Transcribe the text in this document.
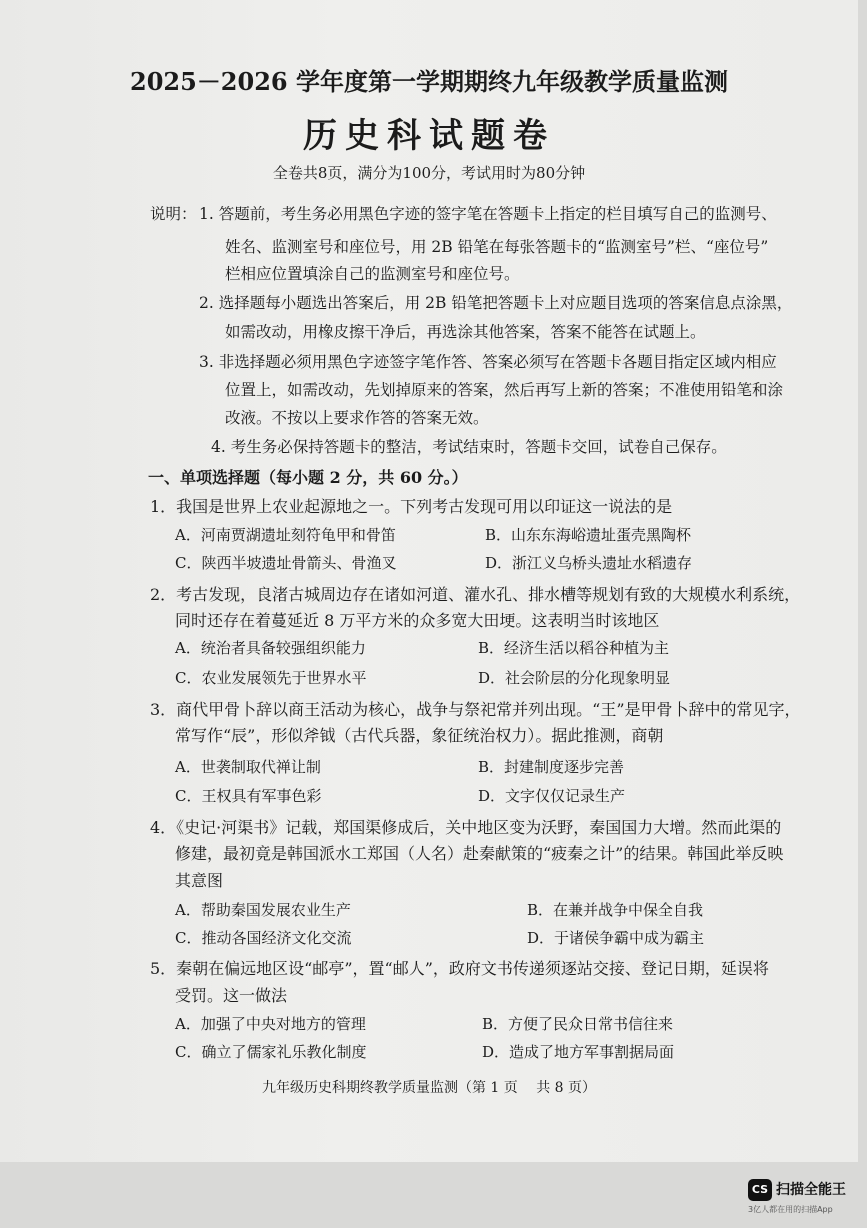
2025－2026 学年度第一学期期终九年级教学质量监测
历史科试题卷
全卷共8页，满分为100分，考试用时为80分钟
说明： 1. 答题前，考生务必用黑色字迹的签字笔在答题卡上指定的栏目填写自己的监测号、
姓名、监测室号和座位号，用 2B 铅笔在每张答题卡的“监测室号”栏、“座位号”
栏相应位置填涂自己的监测室号和座位号。
2. 选择题每小题选出答案后，用 2B 铅笔把答题卡上对应题目选项的答案信息点涂黑，
如需改动，用橡皮擦干净后，再选涂其他答案，答案不能答在试题上。
3. 非选择题必须用黑色字迹签字笔作答、答案必须写在答题卡各题目指定区域内相应
位置上，如需改动，先划掉原来的答案，然后再写上新的答案；不准使用铅笔和涂
改液。不按以上要求作答的答案无效。
4. 考生务必保持答题卡的整洁，考试结束时，答题卡交回，试卷自己保存。
一、单项选择题（每小题 2 分，共 60 分。）
1．我国是世界上农业起源地之一。下列考古发现可用以印证这一说法的是
A．河南贾湖遗址刻符龟甲和骨笛	B．山东东海峪遗址蛋壳黑陶杯
C．陕西半坡遗址骨箭头、骨渔叉	D．浙江义乌桥头遗址水稻遗存
2．考古发现，良渚古城周边存在诸如河道、灌水孔、排水槽等规划有致的大规模水利系统，
同时还存在着蔓延近 8 万平方米的众多宽大田埂。这表明当时该地区
A．统治者具备较强组织能力	B．经济生活以稻谷种植为主
C．农业发展领先于世界水平	D．社会阶层的分化现象明显
3．商代甲骨卜辞以商王活动为核心，战争与祭祀常并列出现。“王”是甲骨卜辞中的常见字，
常写作“⾠”，形似斧钺（古代兵器，象征统治权力）。据此推测，商朝
A．世袭制取代禅让制	B．封建制度逐步完善
C．王权具有军事色彩	D．文字仅仅记录生产
4．《史记·河渠书》记载，郑国渠修成后，关中地区变为沃野，秦国国力大增。然而此渠的
修建，最初竟是韩国派水工郑国（人名）赴秦献策的“疲秦之计”的结果。韩国此举反映
其意图
A．帮助秦国发展农业生产	B．在兼并战争中保全自我
C．推动各国经济文化交流	D．于诸侯争霸中成为霸主
5．秦朝在偏远地区设“邮亭”，置“邮人”，政府文书传递须逐站交接、登记日期，延误将
受罚。这一做法
A．加强了中央对地方的管理	B．方便了民众日常书信往来
C．确立了儒家礼乐教化制度	D．造成了地方军事割据局面
九年级历史科期终教学质量监测（第 1 页　 共 8 页）
CS 扫描全能王
3亿人都在用的扫描App
